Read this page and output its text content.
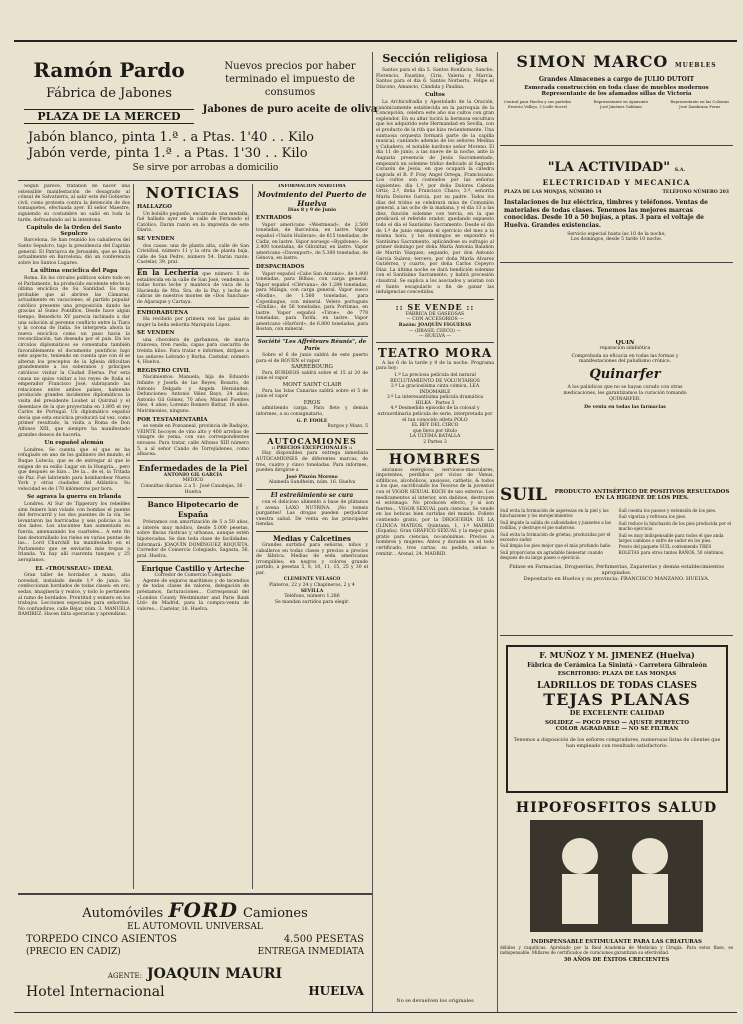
Ramón Pardo
Fábrica de Jabones
PLAZA DE LA MERCED
Nuevos precios por haber terminado el impuesto de consumos
Jabones de puro aceite de oliva
Jabón blanco, pinta 1.ª . a Ptas. 1'40 . . Kilo
Jabón verde, pinta 1.ª . a Ptas. 1'30 . . Kilo
Se sirve por arrobas a domicilio

Según parece, tratabon de hacer una ostensible manifestación de desagrado al cónsul de Salvatierra, al salir este del Gobierno civil, como protesta contra la detención de dos tomaquetes, efectuada ayer. El señor Maestre, siguiendo su costumbre no salió en toda la tarde, defraudando así la intentona.

Capítulo de la Orden del Santo Sepulcro

Barcelona. Se han reunido los caballeros del Santo Sepulcro, bajo la presidencia del Capitán general. El Patriarca de Jerusalén, que se halla actualmente en Barcelona, dió un conferencia sobre los Santos Lugares.

La última encíclica del Papa

Roma. En los círculos políticos sobre todo en el Parlamento, ha producido excelente efecto la última encíclica de Su Santidad. Es muy probable que al abrirse las Cámaras, actualmente en vacaciones, el partido popular católico presente una proposición dando las gracias al Sumo Pontífice. Desde hace algún tiempo, Benedicto XV parecía inclinado a dar una solución al perenne conflicto entre la Tiara y la corona de Italia. Se interpreta ahora la nueva encíclica como un paso hacia la reconciliación, tan deseada por el país. En los círculos diplomáticos se comentaba también favorablemente el documento pontificio bajo este aspecto, teniendo en cuenta que con él se alteran los preceptos de la Iglesia dificultan grandemente a los soberanos y príncipes católicos visitar la Ciudad Eterna. Por esta causa no quiso visitar a los reyes de Italia el emperador Francisco José, subrayando las relaciones entre ambos países, habiendo producido grandes incidentes diplomáticos la visita del presidente Loubet al Quirinal y el desenlace de la que proyectaba en 1.895 el rey Carlos de Portugal. Un diplomático español decía que esta encíclica producirá tal vez, como primer resultado, la visita a Roma de Don Alfonso XIII, que siempre ha manifestado grandes deseos de hacerla.

Un español alemán

Londres. Se cuenta que el que se ha refugiado en uno de los gallinero del mundo, el Buque Lutecia, que es de entregar al que le exigen de su exilio Lugar en la Hungría... pero que después se hizo... De la... de el, la Tritada de Paz. Fué labriendo para hombardear Nueva York y otras ciudades del Atlántico. Su velocidad es de 170 kilómetros por hora.

Se agrava la guerra en Irlanda

Londres. Al Sur de Tipperary los rebeldes sinn feiners han volado con bombas el puente del ferrocarril y los dos puentes de la vía. Se levantaron las barricadas y seis policías a los dos lados. Los atacantes han aumentado su fuerza, amenazando los cuarteles... A este fin han destornillado los rieles en varias puntas de las... Lord Churchill ha manifestado en el Parlamento que se enviarán más tropas a Irlanda. Ya hay allí cuarenta tanques y 25 aeroplanos.

EL «TROUSSEAU» IDEAL

Gran taller de bordados a mano, alta novedad, instalado desde 1.º de junio. Se confeccionan bordados de todas clases: en oro, sedas, imaginería y realce, y todo lo pertinente al ramo de bordados. Prontitud y esmero en los trabajos. Lecciones especiales para señoritas. No confundirse, calle Béjar, núm. 3. MANUELA RAMIREZ. Hacen falta operarias y aprendizas.

NOTICIAS
HALLAZGO

Un bolsillo pequeño, encarnado una medalla, fué hallado ayer en la calle de Fernando el Católico. Darán razón en la imprenta de este Diario.

SE VENDEN

dos casas: una de planta alta, calle de San Cristóbal, número 11 y la otra de planta baja, calle de San Pedro, número 54. Darán razón: Castelar, 39, pral.

En la Lechería que número 5 de establecida en la calle de San José, vendemos a todas horas leche y manteca de vaca de la Hacienda de Nta. Sra. de la Paz, y leche de cabras de nuestros montes de «Dos Sanchas» de Aljaraque y Cartaya.
ENHORABUENA

Ha recibido por primera vez las galas de mujer la bella señorita Mariquita López.

SE VENDEN

una chocolera de garbanzos, de marca francesa, tren rueda, capas para cascarita de treinta kilos. Para tratar e informes, diríjase a los señores Lobrado y Borba. Castelar, número 4, Huelva.

REGISTRO CIVIL

Nacimientos: Manuela, hija de Eduardo Infante y Josefa de las Reyes; Rosario, de Antonio Delgado y Angela Hernández. Defunciones: Antonio Vélez Bayo, 24 años; Antonio Gil Gómez, 70 años; Manuel Fuentes Diez, 4 años; Lorenzo Romero Battar, 18 años. Matrimonios, ninguno.

POR TESTAMENTARÍA

se vende en Pozoaneal, provincia de Badajoz, VEINTE bocoyes de vino alto y 400 arrobas de vinagre de yema, con sus correspondientes envases. Para tratar, calle Alfonso XIII número 5, a al señor Cando de Torrejúdenes, como albacea.

Enfermedades de la Piel
ANTONIO GIL GARCÍA
MEDICO
Consultas diarias: 2 a 5 · José Canalejas, 36 · Huelva
Banco Hipotecario de España

Préstamos con amortización de 5 a 50 años, a interés muy módico, desde 5.000 pesetas, sobre fincas rústicas y urbanas, aunque estén hipotecadas. Se dan toda clase de facilidades. Informará: JOAQUÍN DOMÍNGUEZ ROQUETA. Corredor de Comercio Colegiado, Sagasta, 56, pral. Huelva.

Enrique Castillo y Arteche
Corredor de Comercio Colegiado

Agente de seguros marítimos y de incendios y de todas clases de valores, delegación de préstamos, facturaciones... Corresponsal del «London County Westminster and Paris Bank Ltd» de Madrid, para la compra-venta de valores... Castelar, 16. Huelva.

INFORMACIÓN MARÍTIMA
Movimiento del Puerto de Huelva
Días 8 y 9 de Junio
ENTRADOS

Vapor americano «Westmead», de 2.500 toneladas, de Barcelona, en lastre. Vapor español «Unión Huileras», de 615 toneladas, de Cádiz, en lastre. Vapor noruego «Bygdones», de 2.400 toneladas, de Gibraltar, en lastre. Vapor americano «Davenport», de 5.300 toneladas, de Génova, en lastre.

DESPACHADOS

Vapor español «Cabo San Antonio», de 1.800 toneladas, para Bilbao, con carga general. Vapor español «Clérvana», de 1.284 toneladas, para Málaga, con carga general. Vapor sueco «Rodin», de 1.560 toneladas, para Copenhague, con mineral. Velero portugués «Emilia», de 56 toneladas, para Portimao, en lastre. Vapor español «Tiroe», de 778 toneladas, para Tarifa, en lastre. Vapor americano «Harford», de 6.800 toneladas, para Boston, con mineral.

Société "Les Affréteurs Réunis", de París

Sobre el 6 de junio saldrá de este puerto para el de ROUEN el vapor

SARREBOURG

Para BURDEOS saldrá sobre el 15 al 20 de junio el vapor

MONT SAINT CLAIR

Para las Islas Canarias saldrá sobre el 5 de junio el vapor

EROS

admitiendo carga. Para flete y demás informes, a su consignatario,

G. P. FOOLE
Burgos y Mazo, 5
AUTOCAMIONES
:: PRECIOS EXCEPCIONALES ::

Hay disponibles para entrega inmediata AUTOCAMIONES de diferentes marcas, de tres, cuatro y cinco toneladas. Para informes, pueden dirigirse a

José Pinzón Moreno
Alameda Sundheim, núm. 16. Huelva
El estreñimiento se cura

con el delicioso alimento a base de plátanos y avena LAXO NUTRINA. ¡No tomeis purgantes! Las drogas pueden perjudicar vuestra salud. De venta en las principales tiendas.

Medias y Calcetines

Grandes surtidos para señoras, niños y caballeros en todas clases y precios a precios de fábrica. Medias de seda americanas irrompibles; en negros y colores grande partido, a pesetas 5, 8, 10, 11, 15, 25 y 30 el par.

CLEMENTE VELASCO
Plateros, 22 y 24 y Chapineros, 2 y 4
SEVILLA
Teléfono, número 1.286
Se mandan surtidos para elegir.
Sección religiosa

Santos para el día 5. Santos Bonifacio, Sancho, Florencio, Faustino, Ciris, Valeria y Marcia. Santos para el día 6. Santos Norberto, Felipe el Diácono, Amancio, Cándida y Paulina.

Cultos

La Archicofradía y Apostolado de la Oración, canónicamente establecida en la parroquia de la Concepción, celebra este año sus cultos con gran esplendor. En su altar lucirá la hermosa escultura que los adquirido este Hermandad en Sevilla, con el producto de la rifa que hizo recientemente. Una suntuosa orquesta formará parte de la capilla musical, cantando además de los señores Medina y Cabañero, el notable barítono señor Moreno. El día 11 de junio, a las nueve de la noche, ante la Augusta presencia de Jesús Sacramentado, empezará un solemne triduo dedicado al Sagrado Corazón de Jesús, en que ocupará la cátedra sagrada el R. P. Fray Angel Ortega, Franciscano. Los cultos son costeados por las señoras siguientes: día 1.º, por doña Dolores Cabeza Ortiz; 2.º, doña Francisco Chaco; 3.º, señorita María Dolores García, por su padre. Todos los días del triduo se celebrará misa de Comunión general, a las ocho de la mañana, y el día 13 a las diez, función solemne con tercia, en la que predicará el referido orador, quedando expuesto todo el día el Santísimo Sacramento. Desde el día de 1.º de junio empieza el ejercicio del mes a la misma hora, y los domingos se expondrá el Santísimo Sacramento, aplicándose su sufragio al primer domingo por doña María Antonia Balañón de Martín Vázquez; segundo, por don Antonio García Suárez; tercero, por doña María Alvarez Gutiérrez, y cuarto, por doña Carlos Cepeyro Díaz. La última noche se dará bendición solemne con el Santísimo Sacramento, y habrá procesión claustral. Se suplica a los asociados y asistan con el Santo escapulario a fin de ganar las indulgencias concedidas.

:: SE VENDE ::
FÁBRICA DE GASEOSAS
— CON ACCESORIOS —
Razón: JOAQUÍN FIGUERAS
— (BRASIL CHICO) —
— HUELVA —
TEATRO MORA

A las 6 de la tarde y 9 de la noche. Programa para hoy:

1.º La preciosa película del natural
RECLUTAMIENTO DE VOLUNTARIOS
2.º La graciosísima cinta cómica, LEA INDOMABLE
3.º La interesantísima película dramática
HILKA · Partes 3
4.º Desmedido episodio de la colosal y extraordinaria película de serie, interpretada por el tan conocido atleta POLO
EL REY DEL CIRCO
que lleva por título
LA ÚLTIMA BATALLA
2 Partes 3
HOMBRES

ancianos enérgicos, nerviosos-musculares, impotentes, perdidos por vicios de Venus, sifilíticos, alcohólicos, ansiosos, cathetis, & todos a los que, sacrificando los Tesoros de la juventud con el VIGOR SEXUAL KOCH de uso externo. Los medicamentos al interior, son dañinos, destruyen el estómago. No producen efecto, y si son fuertes... VIGOR SEXUAL para ciencias. Se vende en las boticas bien surtidas del mundo. Folleto contiendo gratis, por la DROGUERÍA DE LA CLÍNICA MATEOS. Quintana, 1, 1.º MADRID (España). Gran GRÁFICO SEXUAL y la mejor guía gratis para ciencias, no-anónimas. Precios a hombres y mujeres: Antes y durante en el todo certificado, tres cartas, su pedido, señas a remitir... Arenal, 24. MADRID.

No se devuelven los originales
SIMON MARCO MUEBLES
Grandes Almacenes a cargo de JULIO DUTOIT
Esmerada construcción en toda clase de muebles modernos
Representante de los afamados sillas de Victoria
Central para Huelva y sus partidos
Ernesto Vallejo, 3 (calle Sucre)
Representante en Ayamonte
José Jiménez Galiñani
Representante en las Colonias
José Zambrano Fernz
"LA ACTIVIDAD" S.A.
ELECTRICIDAD Y MECANICA
PLAZA DE LAS MONJAS, NÚMERO 14	TELÉFONO NÚMERO 203
Instalaciones de luz eléctrica, timbres y teléfonos. Ventas de materiales de todas clases. Tenemos las mejores marcas conocidas. Desde 10 a 50 bujías, a ptas. 3 para el voltaje de Huelva. Grandes existencias.
Servicio especial hasta las 10 de la noche;
Los domingos, desde 5 tarde 10 noche.
QUIN
reparación simbiótica
Comprobada su eficacia en todas las formas y manifestaciones del paludismo crónico.
Quinarfer
A los palúdicos que no se hayan curado con otras medicaciones, les garantizamos la curación tomando QUINARFER.
De venta en todas las farmacias
SUIL	PRODUCTO ANTISÉPTICO DE POSITIVOS RESULTADOS EN LA HIGIENE DE LOS PIES.
Suil evita la formación de asperezas en la piel y las hinchazones y los enrojecimientos
Suil impide la salida de callosidades y juanetes a las rodillas, y destruye el pie sudoroso.
Suil evita la formación de grietas, producidas por el excesivo sudor.
Suil limpia los pies mejor que el más profundo baño.
Suil proporciona un agradable bienestar cuando después de su largo paseo o ejercicio.
Suil cuenta los paseos y extensión de los pies.
Suil vigoriza y refresca los pies.
Suil reduce la hinchazón de los pies producida por el mucho ejercicio.
Suil es muy indispensable para todos el que anda largos caminos o sufre de sudor en los pies.
Precio del paquete SUIL conteniendo TRES BOLETAS para otros tantos BAÑOS, 50 céntimos.
Pídase en Farmacias, Droguerías, Perfumerías, Zapaterías y demás establecimientos apropiados.
Depositario en Huelva y su provincia: FRANCISCO MANZANO. HUELVA.
F. MUÑOZ Y M. JIMENEZ (Huelva)
Fábrica de Cerámica La Sinintá - Carretera Gibraleón
ESCRITORIO: PLAZA DE LAS MONJAS
LADRILLOS DE TODAS CLASES
TEJAS PLANAS
DE EXCELENTE CALIDAD
SOLIDEZ — POCO PESO — AJUSTE PERFECTO
COLOR AGRADABLE — NO SE FILTRAN
Tenemos a disposición de los señores compradores, numerosas listas de clientes que han empleado con resultado satisfactorio.
HIPOFOSFITOS SALUD
INDISPENSABLE ESTIMULANTE PARA LAS CRIATURAS
débiles y raquíticas. Aprobado por la Real Academia de Medicina y Cirugía. Para estos fines, es indispensable. Millares de certificados de curaciones garantizan su efectividad.
30 AÑOS DE ÉXITOS CRECIENTES
Automóviles FORD Camiones
EL AUTOMOVIL UNIVERSAL
TORPEDO CINCO ASIENTOS	4.500 PESETAS
(PRECIO EN CADIZ)	ENTREGA INMEDIATA
AGENTE: JOAQUIN MAURI
Hotel Internacional	HUELVA
